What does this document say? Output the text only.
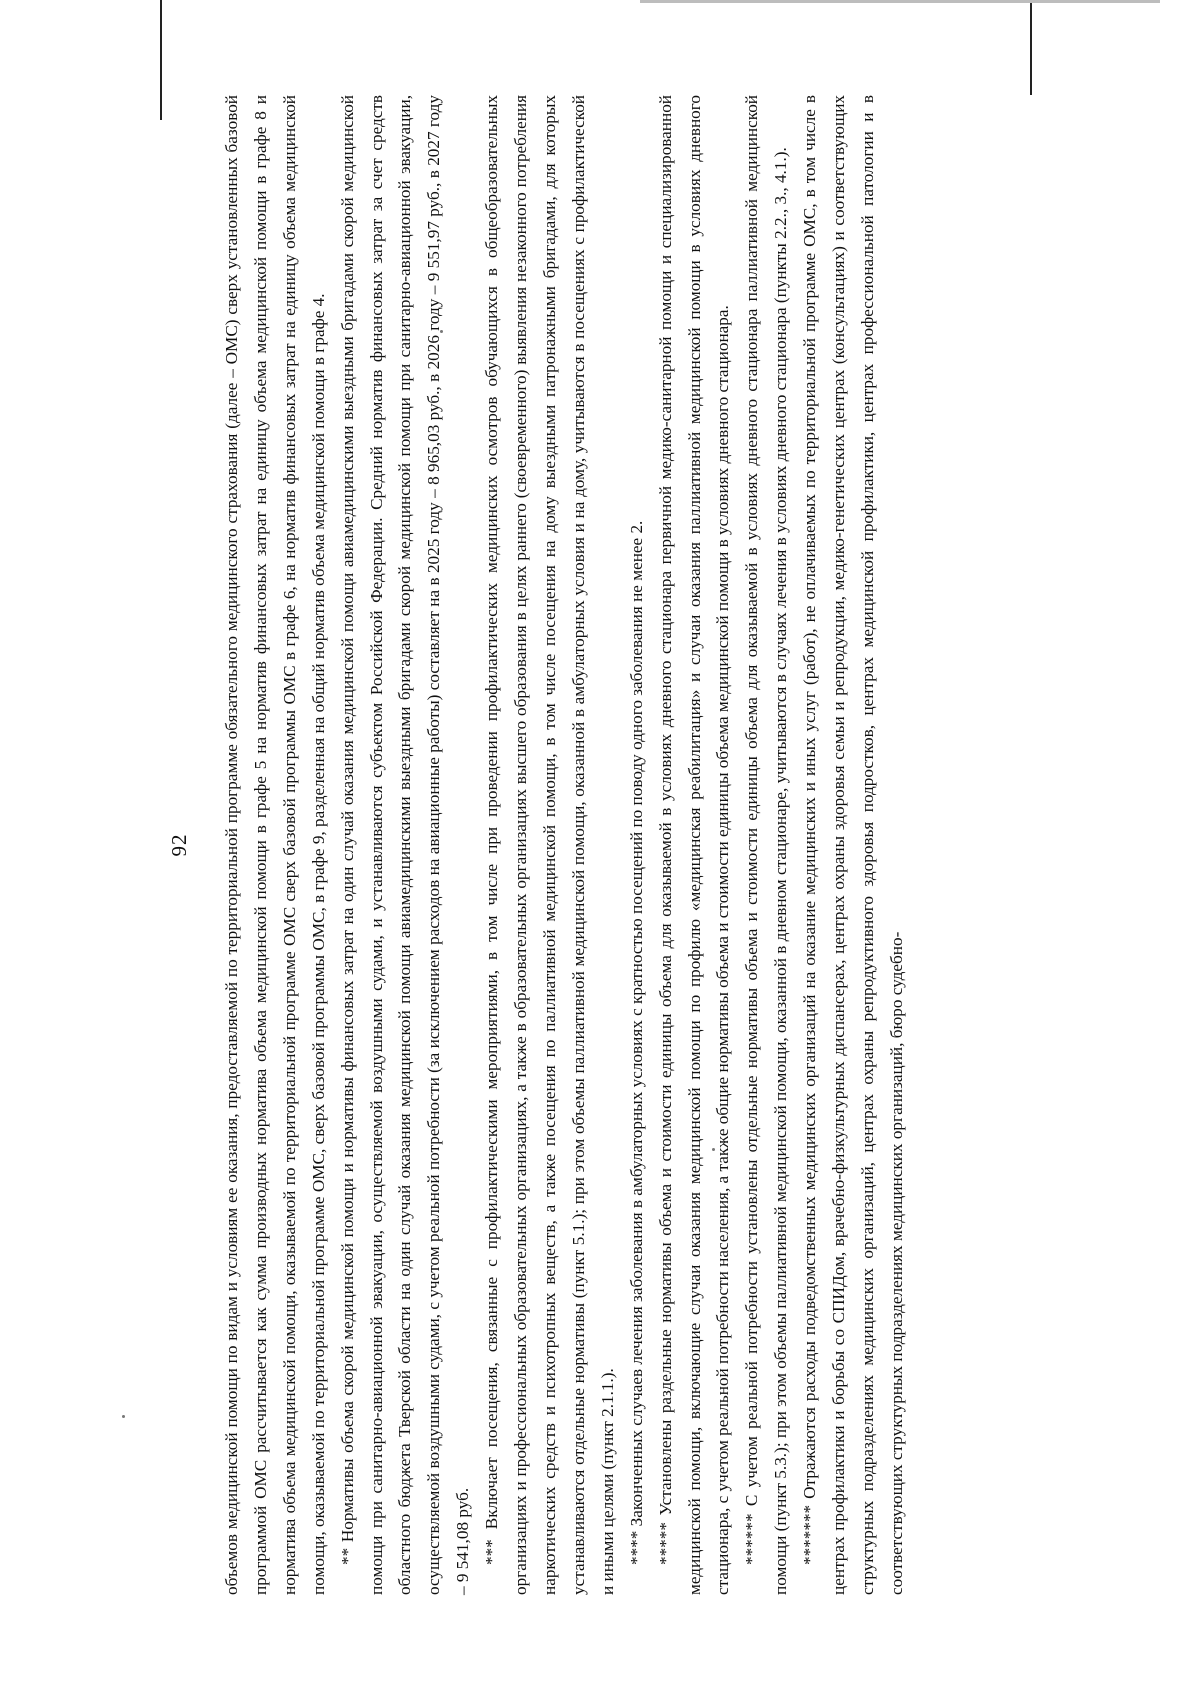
92 объемов медицинской помощи по видам и условиям ее оказания, предоставляемой по территориальной программе обязательного медицинского страхования (далее – ОМС) сверх установленных базовой программой ОМС рассчитывается как сумма производных норматива объема медицинской помощи в графе 5 на норматив финансовых затрат на единицу объема медицинской помощи в графе 8 и норматива объема медицинской помощи, оказываемой по территориальной программе ОМС сверх базовой программы ОМС в графе 6, на норматив финансовых затрат на единицу объема медицинской помощи, оказываемой по территориальной программе ОМС, сверх базовой программы ОМС, в графе 9, разделенная на общий норматив объема медицинской помощи в графе 4. ** Нормативы объема скорой медицинской помощи и нормативы финансовых затрат на один случай оказания медицинской помощи авиамедицинскими выездными бригадами скорой медицинской помощи при санитарно-авиационной эвакуации, осуществляемой воздушными судами, и устанавливаются субъектом Российской Федерации. Средний норматив финансовых затрат за счет средств областного бюджета Тверской области на один случай оказания медицинской помощи авиамедицинскими выездными бригадами скорой медицинской помощи при санитарно-авиационной эвакуации, осуществляемой воздушными судами, с учетом реальной потребности (за исключением расходов на авиационные работы) составляет на в 2025 году – 8 965,03 руб., в 2026 году – 9 551,97 руб., в 2027 году – 9 541,08 руб. *** Включает посещения, связанные с профилактическими мероприятиями, в том числе при проведении профилактических медицинских осмотров обучающихся в общеобразовательных организациях и профессиональных образовательных организациях, а также в образовательных организациях высшего образования в целях раннего (своевременного) выявления незаконного потребления наркотических средств и психотропных веществ, а также посещения по паллиативной медицинской помощи, в том числе посещения на дому выездными патронажными бригадами, для которых устанавливаются отдельные нормативы (пункт 5.1.); при этом объемы паллиативной медицинской помощи, оказанной в амбулаторных условия и на дому, учитываются в посещениях с профилактической и иными целями (пункт 2.1.1.). **** Законченных случаев лечения заболевания в амбулаторных условиях с кратностью посещений по поводу одного заболевания не менее 2. ***** Установлены раздельные нормативы объема и стоимости единицы объема для оказываемой в условиях дневного стационара первичной медико-санитарной помощи и специализированной медицинской помощи, включающие случаи оказания медицинской помощи по профилю «медицинская реабилитация» и случаи оказания паллиативной медицинской помощи в условиях дневного стационара, с учетом реальной потребности населения, а также общие нормативы объема и стоимости единицы объема медицинской помощи в условиях дневного стационара. ****** С учетом реальной потребности установлены отдельные нормативы объема и стоимости единицы объема для оказываемой в условиях дневного стационара паллиативной медицинской помощи (пункт 5.3.); при этом объемы паллиативной медицинской помощи, оказанной в дневном стационаре, учитываются в случаях лечения в условиях дневного стационара (пункты 2.2., 3., 4.1.). ******* Отражаются расходы подведомственных медицинских организаций на оказание медицинских и иных услуг (работ), не оплачиваемых по территориальной программе ОМС, в том числе в центрах профилактики и борьбы со СПИДом, врачебно-физкультурных диспансерах, центрах охраны здоровья семьи и репродукции, медико-генетических центрах (консультациях) и соответствующих структурных подразделениях медицинских организаций, центрах охраны репродуктивного здоровья подростков, центрах медицинской профилактики, центрах профессиональной патологии и в соответствующих структурных подразделениях медицинских организаций, бюро судебно-
